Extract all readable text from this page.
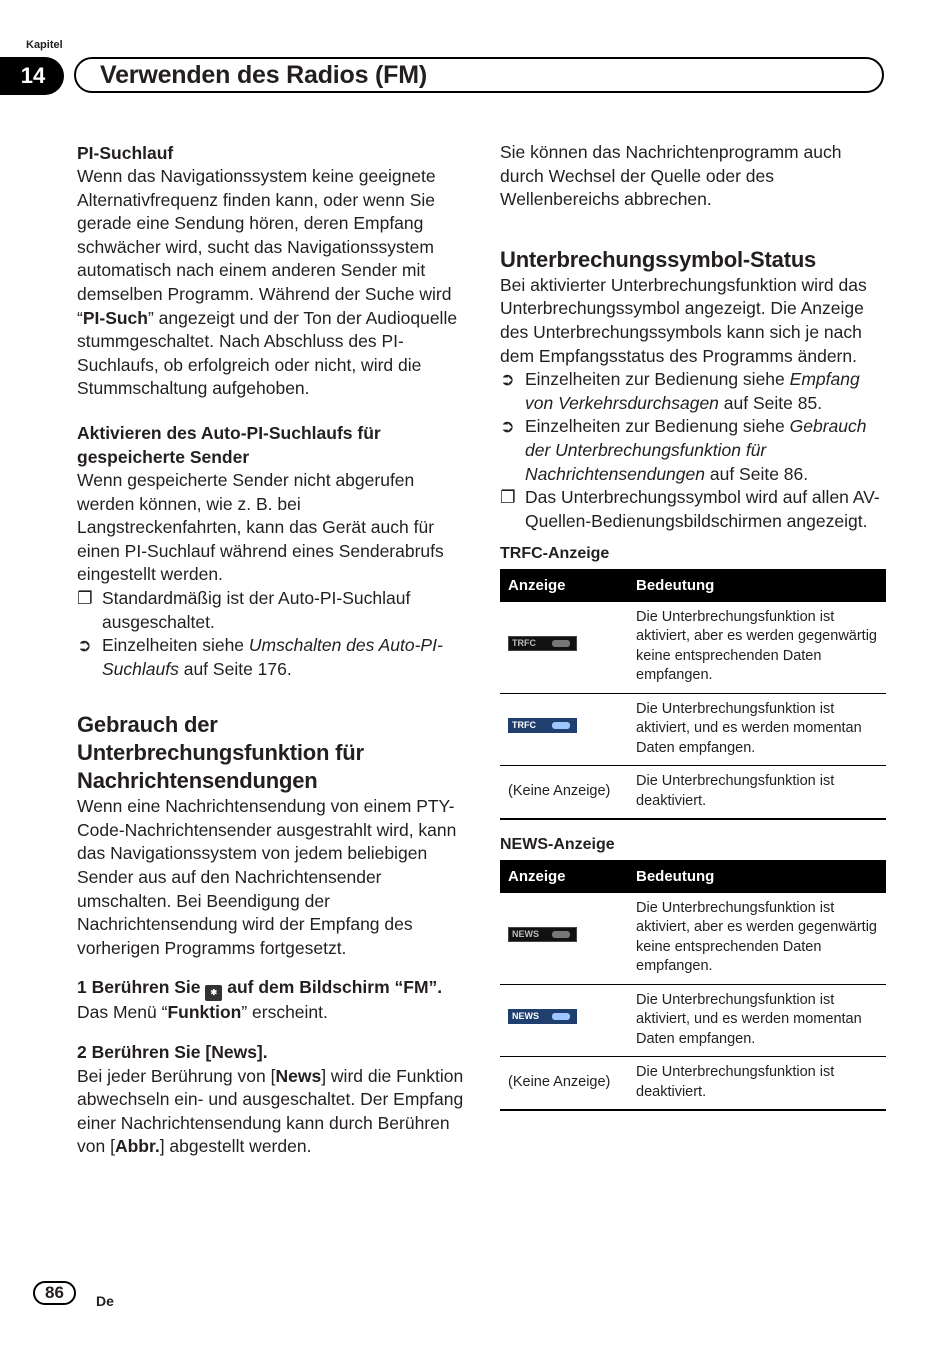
Kapitel
14	Verwenden des Radios (FM)

PI-Suchlauf

Wenn das Navigationssystem keine geeignete Alternativfrequenz finden kann, oder wenn Sie gerade eine Sendung hören, deren Empfang schwächer wird, sucht das Navigationssystem automatisch nach einem anderen Sender mit demselben Programm. Während der Suche wird “PI-Such” angezeigt und der Ton der Audioquelle stummgeschaltet. Nach Abschluss des PI-Suchlaufs, ob erfolgreich oder nicht, wird die Stummschaltung aufgehoben.

Aktivieren des Auto-PI-Suchlaufs für gespeicherte Sender

Wenn gespeicherte Sender nicht abgerufen werden können, wie z. B. bei Langstreckenfahrten, kann das Gerät auch für einen PI-Suchlauf während eines Senderabrufs eingestellt werden.

❐ Standardmäßig ist der Auto-PI-Suchlauf ausgeschaltet.
➲ Einzelheiten siehe Umschalten des Auto-PI-Suchlaufs auf Seite 176.

Gebrauch der Unterbrechungsfunktion für Nachrichtensendungen

Wenn eine Nachrichtensendung von einem PTY-Code-Nachrichtensender ausgestrahlt wird, kann das Navigationssystem von jedem beliebigen Sender aus auf den Nachrichtensender umschalten. Bei Beendigung der Nachrichtensendung wird der Empfang des vorherigen Programms fortgesetzt.

1 Berühren Sie ✱ auf dem Bildschirm “FM”.

Das Menü “Funktion” erscheint.

2 Berühren Sie [News].

Bei jeder Berührung von [News] wird die Funktion abwechseln ein- und ausgeschaltet. Der Empfang einer Nachrichtensendung kann durch Berühren von [Abbr.] abgestellt werden.

Sie können das Nachrichtenprogramm auch durch Wechsel der Quelle oder des Wellenbereichs abbrechen.

Unterbrechungssymbol-Status

Bei aktivierter Unterbrechungsfunktion wird das Unterbrechungssymbol angezeigt. Die Anzeige des Unterbrechungssymbols kann sich je nach dem Empfangsstatus des Programms ändern.

➲ Einzelheiten zur Bedienung siehe Empfang von Verkehrsdurchsagen auf Seite 85.
➲ Einzelheiten zur Bedienung siehe Gebrauch der Unterbrechungsfunktion für Nachrichtensendungen auf Seite 86.
❐ Das Unterbrechungssymbol wird auf allen AV-Quellen-Bedienungsbildschirmen angezeigt.

TRFC-Anzeige

Anzeige	Bedeutung

TRFC	Die Unterbrechungsfunktion ist aktiviert, aber es werden gegenwärtig keine entsprechenden Daten empfangen.

TRFC	Die Unterbrechungsfunktion ist aktiviert, und es werden momentan Daten empfangen.
(Keine Anzeige)	Die Unterbrechungsfunktion ist deaktiviert.

NEWS-Anzeige

Anzeige	Bedeutung

NEWS	Die Unterbrechungsfunktion ist aktiviert, aber es werden gegenwärtig keine entsprechenden Daten empfangen.

NEWS	Die Unterbrechungsfunktion ist aktiviert, und es werden momentan Daten empfangen.
(Keine Anzeige)	Die Unterbrechungsfunktion ist deaktiviert.
86	De
